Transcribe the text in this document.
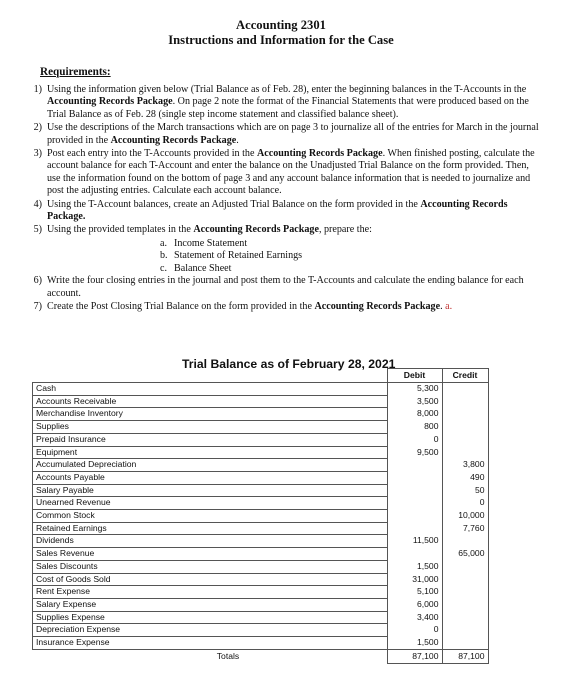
Accounting 2301
Instructions and Information for the Case
Requirements:
1) Using the information given below (Trial Balance as of Feb. 28), enter the beginning balances in the T-Accounts in the Accounting Records Package. On page 2 note the format of the Financial Statements that were produced based on the Trial Balance as of Feb. 28 (single step income statement and classified balance sheet).
2) Use the descriptions of the March transactions which are on page 3 to journalize all of the entries for March in the journal provided in the Accounting Records Package.
3) Post each entry into the T-Accounts provided in the Accounting Records Package. When finished posting, calculate the account balance for each T-Account and enter the balance on the Unadjusted Trial Balance on the form provided. Then, use the information found on the bottom of page 3 and any account balance information that is needed to journalize and post the adjusting entries. Calculate each account balance.
4) Using the T-Account balances, create an Adjusted Trial Balance on the form provided in the Accounting Records Package.
5) Using the provided templates in the Accounting Records Package, prepare the:
a. Income Statement
b. Statement of Retained Earnings
c. Balance Sheet
6) Write the four closing entries in the journal and post them to the T-Accounts and calculate the ending balance for each account.
7) Create the Post Closing Trial Balance on the form provided in the Accounting Records Package. a.
Trial Balance as of February 28, 2021
	Debit	Credit
Cash	5,300	
Accounts Receivable	3,500	
Merchandise Inventory	8,000	
Supplies	800	
Prepaid Insurance	0	
Equipment	9,500	
Accumulated Depreciation		3,800
Accounts Payable		490
Salary Payable		50
Unearned Revenue		0
Common Stock		10,000
Retained Earnings		7,760
Dividends	11,500	
Sales Revenue		65,000
Sales Discounts	1,500	
Cost of Goods Sold	31,000	
Rent Expense	5,100	
Salary Expense	6,000	
Supplies Expense	3,400	
Depreciation Expense	0	
Insurance Expense	1,500	
Totals	87,100	87,100
